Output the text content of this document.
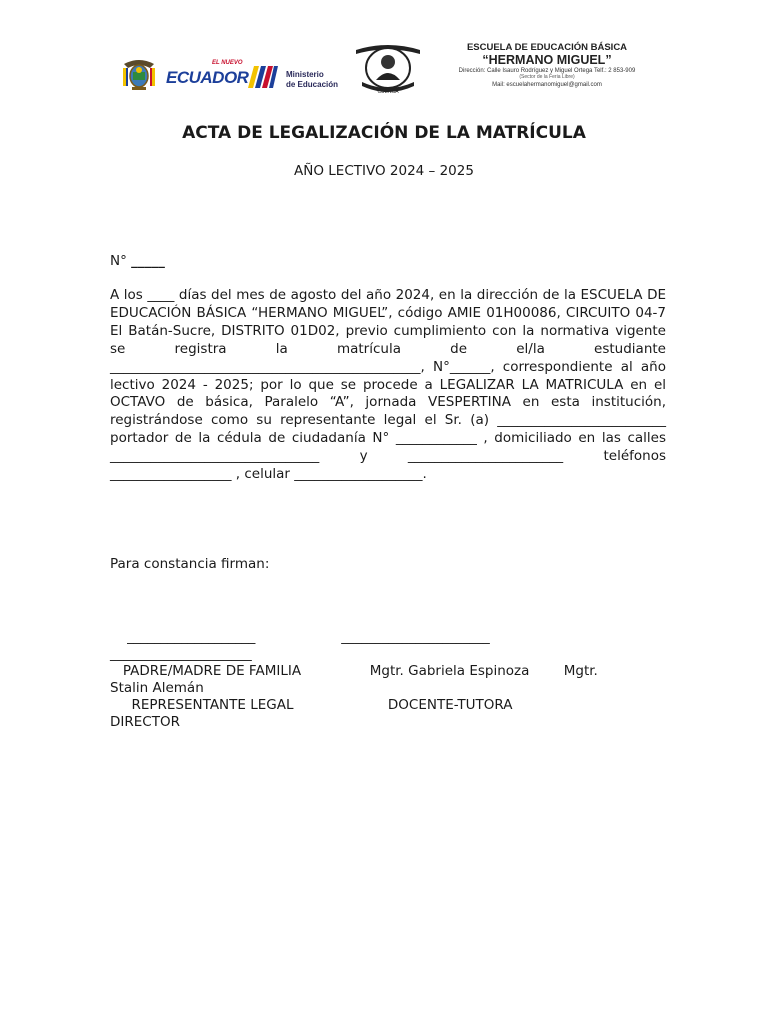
EL NUEVO
ECUADOR	Ministerio
de Educación
CUENCA
ESCUELA DE EDUCACIÓN BÁSICA
“HERMANO MIGUEL”
Dirección: Calle Isauro Rodríguez y Miguel Ortega Telf.: 2 853-909
(Sector de la Feria Libre)
Mail: escuelahermanomiguel@gmail.com
ACTA DE LEGALIZACIÓN DE LA MATRÍCULA
AÑO LECTIVO 2024 – 2025
N° _____

A los ____ días del mes de agosto del año 2024, en la dirección de la ESCUELA DE EDUCACIÓN BÁSICA “HERMANO MIGUEL”, código AMIE 01H00086, CIRCUITO 04-7 El Batán-Sucre, DISTRITO 01D02, previo cumplimiento con la normativa vigente se registra la matrícula de el/la estudiante ______________________________________________, N°______, correspondiente al año lectivo 2024 - 2025; por lo que se procede a LEGALIZAR LA MATRICULA en el OCTAVO de básica, Paralelo “A”, jornada VESPERTINA en esta institución, registrándose como su representante legal el Sr. (a) _________________________ portador de la cédula de ciudadanía N° ____________ , domiciliado en las calles _______________________________ y _______________________ teléfonos __________________ , celular ___________________.

Para constancia firman:
___________________                    ______________________
_____________________
PADRE/MADRE DE FAMILIA                Mgtr. Gabriela Espinoza        Mgtr.
Stalin Alemán
REPRESENTANTE LEGAL                      DOCENTE-TUTORA
DIRECTOR
